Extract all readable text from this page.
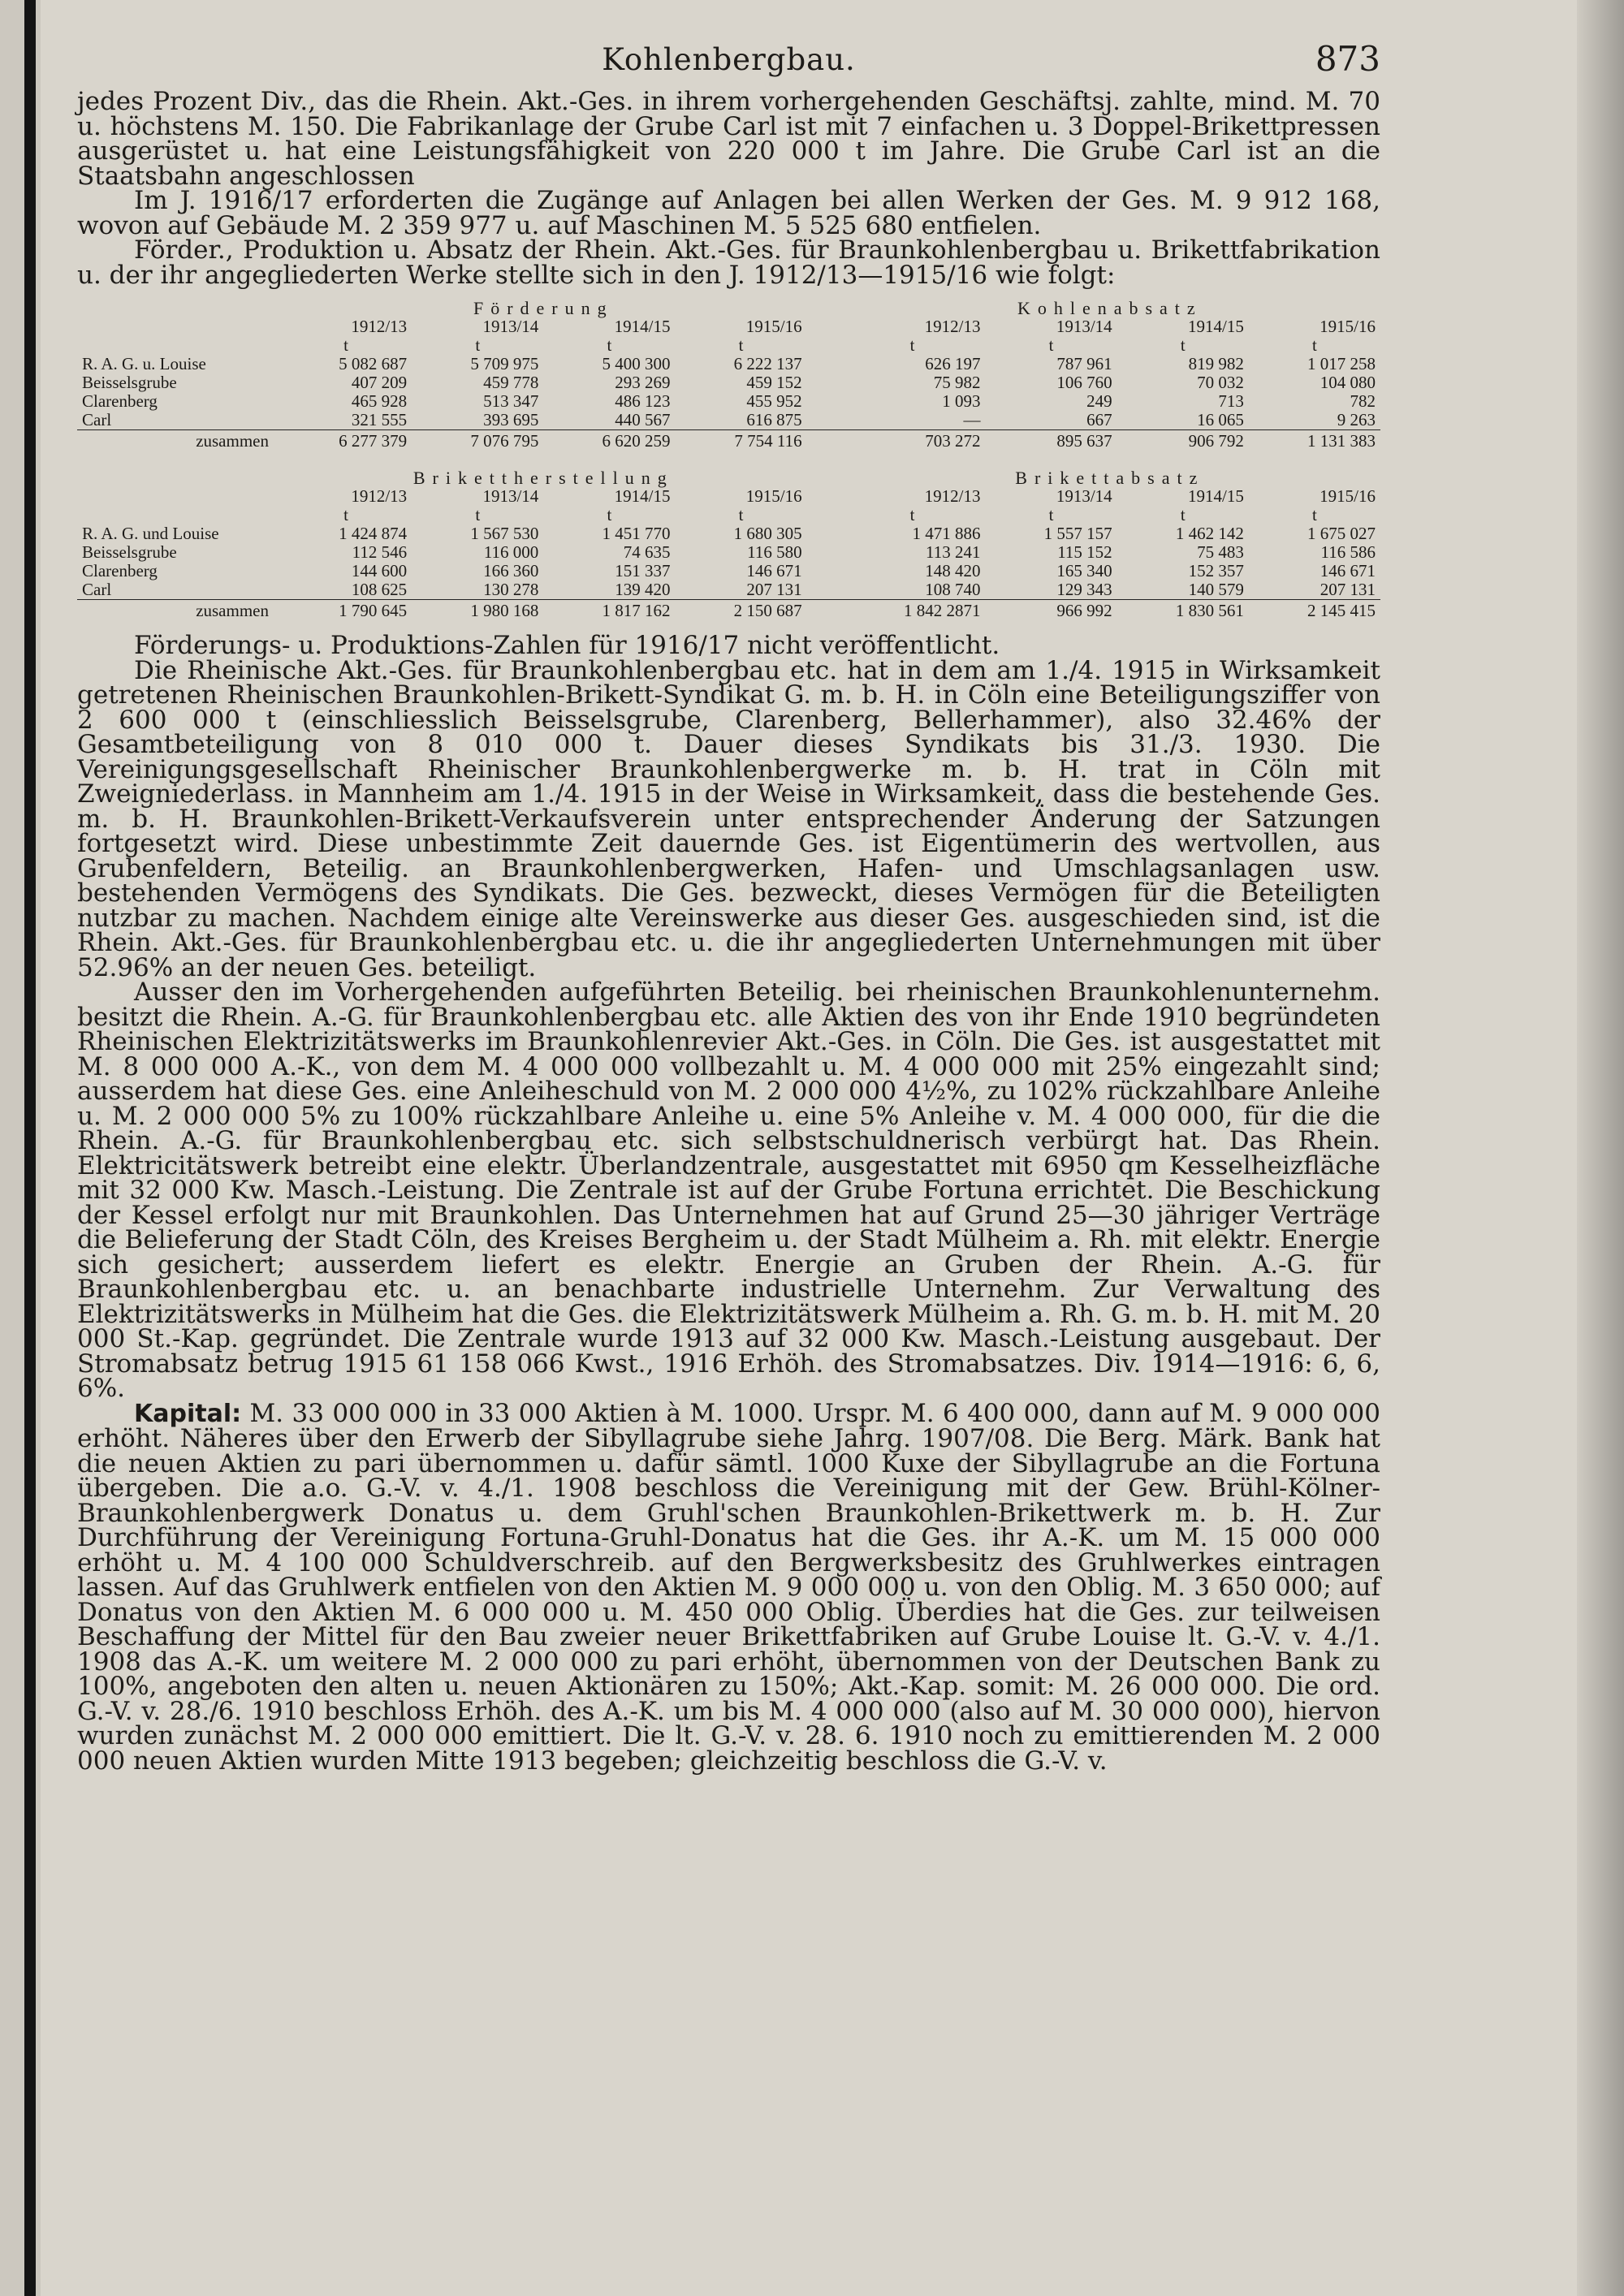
Kohlenbergbau.	873

jedes Prozent Div., das die Rhein. Akt.-Ges. in ihrem vorhergehenden Geschäftsj. zahlte, mind. M. 70 u. höchstens M. 150. Die Fabrikanlage der Grube Carl ist mit 7 einfachen u. 3 Doppel-Brikettpressen ausgerüstet u. hat eine Leistungsfähigkeit von 220 000 t im Jahre. Die Grube Carl ist an die Staatsbahn angeschlossen

Im J. 1916/17 erforderten die Zugänge auf Anlagen bei allen Werken der Ges. M. 9 912 168, wovon auf Gebäude M. 2 359 977 u. auf Maschinen M. 5 525 680 entfielen.

Förder., Produktion u. Absatz der Rhein. Akt.-Ges. für Braunkohlenbergbau u. Brikettfabrikation u. der ihr angegliederten Werke stellte sich in den J. 1912/13—1915/16 wie folgt:

	Förderung					Kohlenabsatz			
	1912/13	1913/14	1914/15	1915/16		1912/13	1913/14	1914/15	1915/16
	t	t	t	t		t	t	t	t
R. A. G. u. Louise	5 082 687	5 709 975	5 400 300	6 222 137		626 197	787 961	819 982	1 017 258
Beisselsgrube	407 209	459 778	293 269	459 152		75 982	106 760	70 032	104 080
Clarenberg	465 928	513 347	486 123	455 952		1 093	249	713	782
Carl	321 555	393 695	440 567	616 875		—	667	16 065	9 263
zusammen	6 277 379	7 076 795	6 620 259	7 754 116		703 272	895 637	906 792	1 131 383

	Brikettherstellung					Brikettabsatz			
	1912/13	1913/14	1914/15	1915/16		1912/13	1913/14	1914/15	1915/16
	t	t	t	t		t	t	t	t
R. A. G. und Louise	1 424 874	1 567 530	1 451 770	1 680 305		1 471 886	1 557 157	1 462 142	1 675 027
Beisselsgrube	112 546	116 000	74 635	116 580		113 241	115 152	75 483	116 586
Clarenberg	144 600	166 360	151 337	146 671		148 420	165 340	152 357	146 671
Carl	108 625	130 278	139 420	207 131		108 740	129 343	140 579	207 131
zusammen	1 790 645	1 980 168	1 817 162	2 150 687		1 842 2871	966 992	1 830 561	2 145 415

Förderungs- u. Produktions-Zahlen für 1916/17 nicht veröffentlicht.

Die Rheinische Akt.-Ges. für Braunkohlenbergbau etc. hat in dem am 1./4. 1915 in Wirksamkeit getretenen Rheinischen Braunkohlen-Brikett-Syndikat G. m. b. H. in Cöln eine Beteiligungsziffer von 2 600 000 t (einschliesslich Beisselsgrube, Clarenberg, Bellerhammer), also 32.46% der Gesamtbeteiligung von 8 010 000 t. Dauer dieses Syndikats bis 31./3. 1930. Die Vereinigungsgesellschaft Rheinischer Braunkohlenbergwerke m. b. H. trat in Cöln mit Zweigniederlass. in Mannheim am 1./4. 1915 in der Weise in Wirksamkeit, dass die bestehende Ges. m. b. H. Braunkohlen-Brikett-Verkaufsverein unter entsprechender Änderung der Satzungen fortgesetzt wird. Diese unbestimmte Zeit dauernde Ges. ist Eigentümerin des wertvollen, aus Grubenfeldern, Beteilig. an Braunkohlenbergwerken, Hafen- und Umschlagsanlagen usw. bestehenden Vermögens des Syndikats. Die Ges. bezweckt, dieses Vermögen für die Beteiligten nutzbar zu machen. Nachdem einige alte Vereinswerke aus dieser Ges. ausgeschieden sind, ist die Rhein. Akt.-Ges. für Braunkohlenbergbau etc. u. die ihr angegliederten Unternehmungen mit über 52.96% an der neuen Ges. beteiligt.

Ausser den im Vorhergehenden aufgeführten Beteilig. bei rheinischen Braunkohlenunternehm. besitzt die Rhein. A.-G. für Braunkohlenbergbau etc. alle Aktien des von ihr Ende 1910 begründeten Rheinischen Elektrizitätswerks im Braunkohlenrevier Akt.-Ges. in Cöln. Die Ges. ist ausgestattet mit M. 8 000 000 A.-K., von dem M. 4 000 000 vollbezahlt u. M. 4 000 000 mit 25% eingezahlt sind; ausserdem hat diese Ges. eine Anleiheschuld von M. 2 000 000 4½%, zu 102% rückzahlbare Anleihe u. M. 2 000 000 5% zu 100% rückzahlbare Anleihe u. eine 5% Anleihe v. M. 4 000 000, für die die Rhein. A.-G. für Braunkohlenbergbau etc. sich selbstschuldnerisch verbürgt hat. Das Rhein. Elektricitätswerk betreibt eine elektr. Überlandzentrale, ausgestattet mit 6950 qm Kesselheizfläche mit 32 000 Kw. Masch.-Leistung. Die Zentrale ist auf der Grube Fortuna errichtet. Die Beschickung der Kessel erfolgt nur mit Braunkohlen. Das Unternehmen hat auf Grund 25—30 jähriger Verträge die Belieferung der Stadt Cöln, des Kreises Bergheim u. der Stadt Mülheim a. Rh. mit elektr. Energie sich gesichert; ausserdem liefert es elektr. Energie an Gruben der Rhein. A.-G. für Braunkohlenbergbau etc. u. an benachbarte industrielle Unternehm. Zur Verwaltung des Elektrizitätswerks in Mülheim hat die Ges. die Elektrizitätswerk Mülheim a. Rh. G. m. b. H. mit M. 20 000 St.-Kap. gegründet. Die Zentrale wurde 1913 auf 32 000 Kw. Masch.-Leistung ausgebaut. Der Stromabsatz betrug 1915 61 158 066 Kwst., 1916 Erhöh. des Stromabsatzes. Div. 1914—1916: 6, 6, 6%.

Kapital: M. 33 000 000 in 33 000 Aktien à M. 1000. Urspr. M. 6 400 000, dann auf M. 9 000 000 erhöht. Näheres über den Erwerb der Sibyllagrube siehe Jahrg. 1907/08. Die Berg. Märk. Bank hat die neuen Aktien zu pari übernommen u. dafür sämtl. 1000 Kuxe der Sibyllagrube an die Fortuna übergeben. Die a.o. G.-V. v. 4./1. 1908 beschloss die Vereinigung mit der Gew. Brühl-Kölner-Braunkohlenbergwerk Donatus u. dem Gruhl'schen Braunkohlen-Brikettwerk m. b. H. Zur Durchführung der Vereinigung Fortuna-Gruhl-Donatus hat die Ges. ihr A.-K. um M. 15 000 000 erhöht u. M. 4 100 000 Schuldverschreib. auf den Bergwerksbesitz des Gruhlwerkes eintragen lassen. Auf das Gruhlwerk entfielen von den Aktien M. 9 000 000 u. von den Oblig. M. 3 650 000; auf Donatus von den Aktien M. 6 000 000 u. M. 450 000 Oblig. Überdies hat die Ges. zur teilweisen Beschaffung der Mittel für den Bau zweier neuer Brikettfabriken auf Grube Louise lt. G.-V. v. 4./1. 1908 das A.-K. um weitere M. 2 000 000 zu pari erhöht, übernommen von der Deutschen Bank zu 100%, angeboten den alten u. neuen Aktionären zu 150%; Akt.-Kap. somit: M. 26 000 000. Die ord. G.-V. v. 28./6. 1910 beschloss Erhöh. des A.-K. um bis M. 4 000 000 (also auf M. 30 000 000), hiervon wurden zunächst M. 2 000 000 emittiert. Die lt. G.-V. v. 28. 6. 1910 noch zu emittierenden M. 2 000 000 neuen Aktien wurden Mitte 1913 begeben; gleichzeitig beschloss die G.-V. v.
